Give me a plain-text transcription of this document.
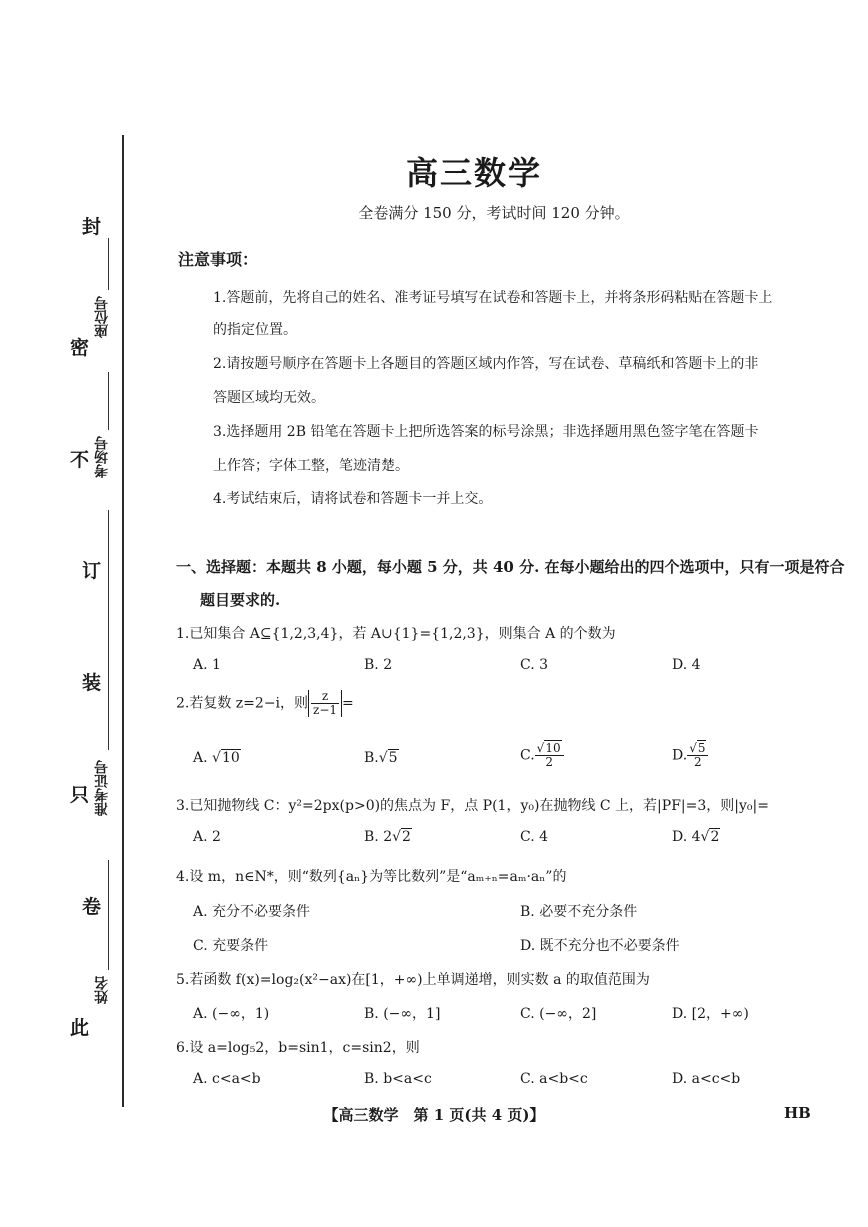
封
密
不
订
装
只
卷
此
座位号
考场号
准考证号
姓名
高三数学
全卷满分 150 分，考试时间 120 分钟。
注意事项：
1.答题前，先将自己的姓名、准考证号填写在试卷和答题卡上，并将条形码粘贴在答题卡上
的指定位置。
2.请按题号顺序在答题卡上各题目的答题区域内作答，写在试卷、草稿纸和答题卡上的非
答题区域均无效。
3.选择题用 2B 铅笔在答题卡上把所选答案的标号涂黑；非选择题用黑色签字笔在答题卡
上作答；字体工整，笔迹清楚。
4.考试结束后，请将试卷和答题卡一并上交。
一、选择题：本题共 8 小题，每小题 5 分，共 40 分. 在每小题给出的四个选项中，只有一项是符合
题目要求的.
1.已知集合 A⊆{1,2,3,4}，若 A∪{1}={1,2,3}，则集合 A 的个数为
A. 1	B. 2	C. 3	D. 4
2.若复数 z=2−i，则 $\frac{z}{z-1}$ =
A. √10	B.√5	C. $\frac{√10}{2}$	D. $\frac{√5}{2}$
3.已知抛物线 C：y²=2px(p>0)的焦点为 F，点 P(1，y₀)在抛物线 C 上，若|PF|=3，则|y₀|=
A. 2	B. 2√2	C. 4	D. 4√2
4.设 m，n∈N*，则“数列{aₙ}为等比数列”是“aₘ₊ₙ=aₘ·aₙ”的
A. 充分不必要条件	B. 必要不充分条件
C. 充要条件	D. 既不充分也不必要条件
5.若函数 f(x)=log₂(x²−ax)在[1，+∞)上单调递增，则实数 a 的取值范围为
A. (−∞，1)	B. (−∞，1]	C. (−∞，2]	D. [2，+∞)
6.设 a=log₅2，b=sin1，c=sin2，则
A. c<a<b	B. b<a<c	C. a<b<c	D. a<c<b
【高三数学　第 1 页(共 4 页)】	HB
